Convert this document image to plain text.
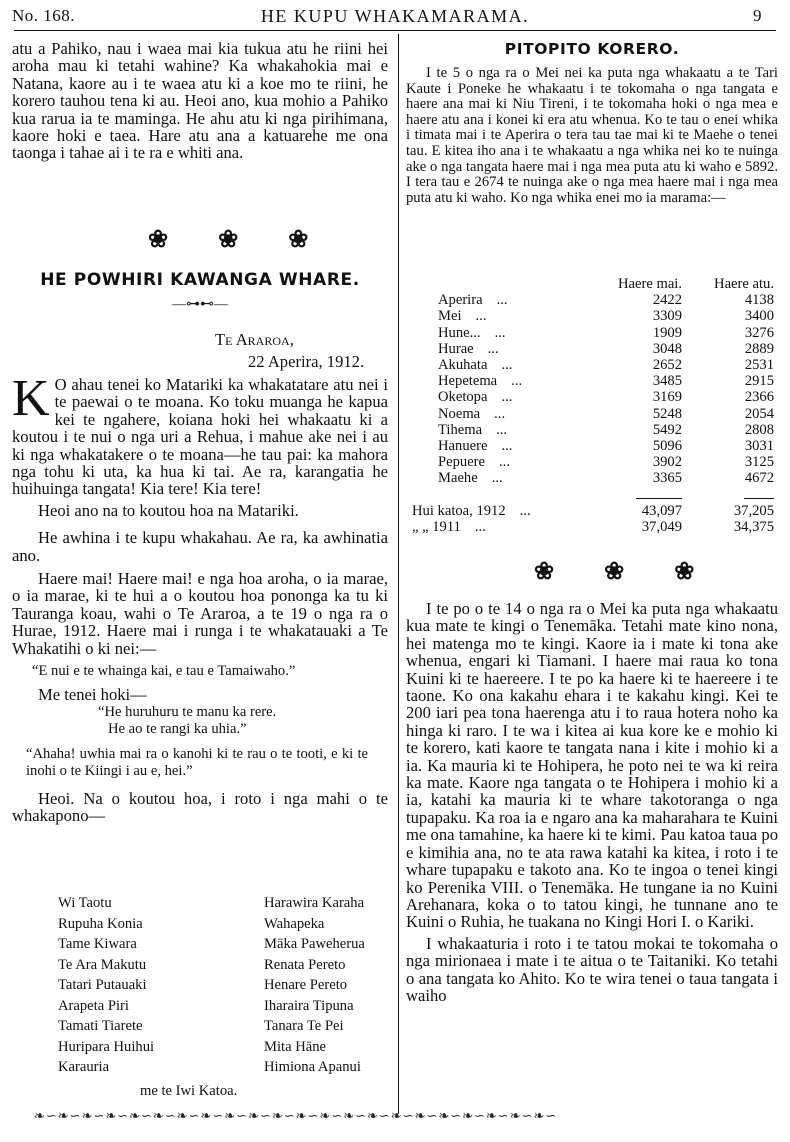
No. 168.	HE KUPU WHAKAMARAMA.	9

atu a Pahiko, nau i waea mai kia tukua atu he riini hei aroha mau ki tetahi wahine? Ka whakahokia mai e Natana, kaore au i te waea atu ki a koe mo te riini, he korero tauhou tena ki au. Heoi ano, kua mohio a Pahiko kua rarua ia te maminga. He ahu atu ki nga pirihimana, kaore hoki e taea. Hare atu ana a katuarehe me ona taonga i tahae ai i te ra e whiti ana.

❀ ❀ ❀
HE POWHIRI KAWANGA WHARE.
—⊶⊷—
Te Araroa,
22 Aperira, 1912.

K O ahau tenei ko Matariki ka whakatatare atu nei i te paewai o te moana. Ko toku muanga he kapua kei te ngahere, koiana hoki hei whakaatu ki a koutou i te nui o nga uri a Rehua, i mahue ake nei i au ki nga whakatakere o te moana—he tau pai: ka mahora nga tohu ki uta, ka hua ki tai. Ae ra, karangatia he huihuinga tangata! Kia tere! Kia tere!

Heoi ano na to koutou hoa na Matariki.

He awhina i te kupu whakahau. Ae ra, ka awhinatia ano.

Haere mai! Haere mai! e nga hoa aroha, o ia marae, o ia marae, ki te hui a o koutou hoa pononga ka tu ki Tauranga koau, wahi o Te Araroa, a te 19 o nga ra o Hurae, 1912. Haere mai i runga i te whakatauaki a Te Whakatihi o ki nei:—

“E nui e te whainga kai, e tau e Tamaiwaho.”

Me tenei hoki—

“He huruhuru te manu ka rere.

He ao te rangi ka uhia.”

“Ahaha! uwhia mai ra o kanohi ki te rau o te tooti, e ki te inohi o te Kiingi i au e, hei.”

Heoi. Na o koutou hoa, i roto i nga mahi o te whakapono—

Wi Taotu	Harawira Karaha
Rupuha Konia	Wahapeka
Tame Kiwara	Māka Paweherua
Te Ara Makutu	Renata Pereto
Tatari Putauaki	Henare Pereto
Arapeta Piri	Iharaira Tipuna
Tamati Tiarete	Tanara Te Pei
Huripara Huihui	Mita Hāne
Karauria	Himiona Apanui
me te Iwi Katoa.
❧∽❧∽❧∽❧∽❧∽❧∽❧∽❧∽❧∽❧∽❧∽❧∽❧∽❧∽❧∽❧∽❧∽❧∽❧∽❧∽❧∽❧∽
PITOPITO KORERO.

I te 5 o nga ra o Mei nei ka puta nga whakaatu a te Tari Kaute i Poneke he whakaatu i te tokomaha o nga tangata e haere ana mai ki Niu Tireni, i te tokomaha hoki o nga mea e haere atu ana i konei ki era atu whenua. Ko te tau o enei whika i timata mai i te Aperira o tera tau tae mai ki te Maehe o tenei tau. E kitea iho ana i te whakaatu a nga whika nei ko te nuinga ake o nga tangata haere mai i nga mea puta atu ki waho e 5892. I tera tau e 2674 te nuinga ake o nga mea haere mai i nga mea puta atu ki waho. Ko nga whika enei mo ia marama:—

	Haere mai.	Haere atu.
Aperira ...	2422	4138
Mei ...	3309	3400
Hune... ...	1909	3276
Hurae ...	3048	2889
Akuhata ...	2652	2531
Hepetema ...	3485	2915
Oketopa ...	3169	2366
Noema ...	5248	2054
Tihema ...	5492	2808
Hanuere ...	5096	3031
Pepuere ...	3902	3125
Maehe ...	3365	4672

Hui katoa, 1912 ...	43,097	37,205
„ „ 1911 ...	37,049	34,375
❀ ❀ ❀

I te po o te 14 o nga ra o Mei ka puta nga whakaatu kua mate te kingi o Tenemāka. Tetahi mate kino nona, hei matenga mo te kingi. Kaore ia i mate ki tona ake whenua, engari ki Tiamani. I haere mai raua ko tona Kuini ki te haereere. I te po ka haere ki te haereere i te taone. Ko ona kakahu ehara i te kakahu kingi. Kei te 200 iari pea tona haerenga atu i to raua hotera noho ka hinga ki raro. I te wa i kitea ai kua kore ke e mohio ki te korero, kati kaore te tangata nana i kite i mohio ki a ia. Ka mauria ki te Hohipera, he poto nei te wa ki reira ka mate. Kaore nga tangata o te Hohipera i mohio ki a ia, katahi ka mauria ki te whare takotoranga o nga tupapaku. Ka roa ia e ngaro ana ka maharahara te Kuini me ona tamahine, ka haere ki te kimi. Pau katoa taua po e kimihia ana, no te ata rawa katahi ka kitea, i roto i te whare tupapaku e takoto ana. Ko te ingoa o tenei kingi ko Perenika VIII. o Tenemāka. He tungane ia no Kuini Arehanara, koka o to tatou kingi, he tunnane ano te Kuini o Ruhia, he tuakana no Kingi Hori I. o Kariki.

I whakaaturia i roto i te tatou mokai te tokomaha o nga mirionaea i mate i te aitua o te Taitaniki. Ko tetahi o ana tangata ko Ahito. Ko te wira tenei o taua tangata i waiho
